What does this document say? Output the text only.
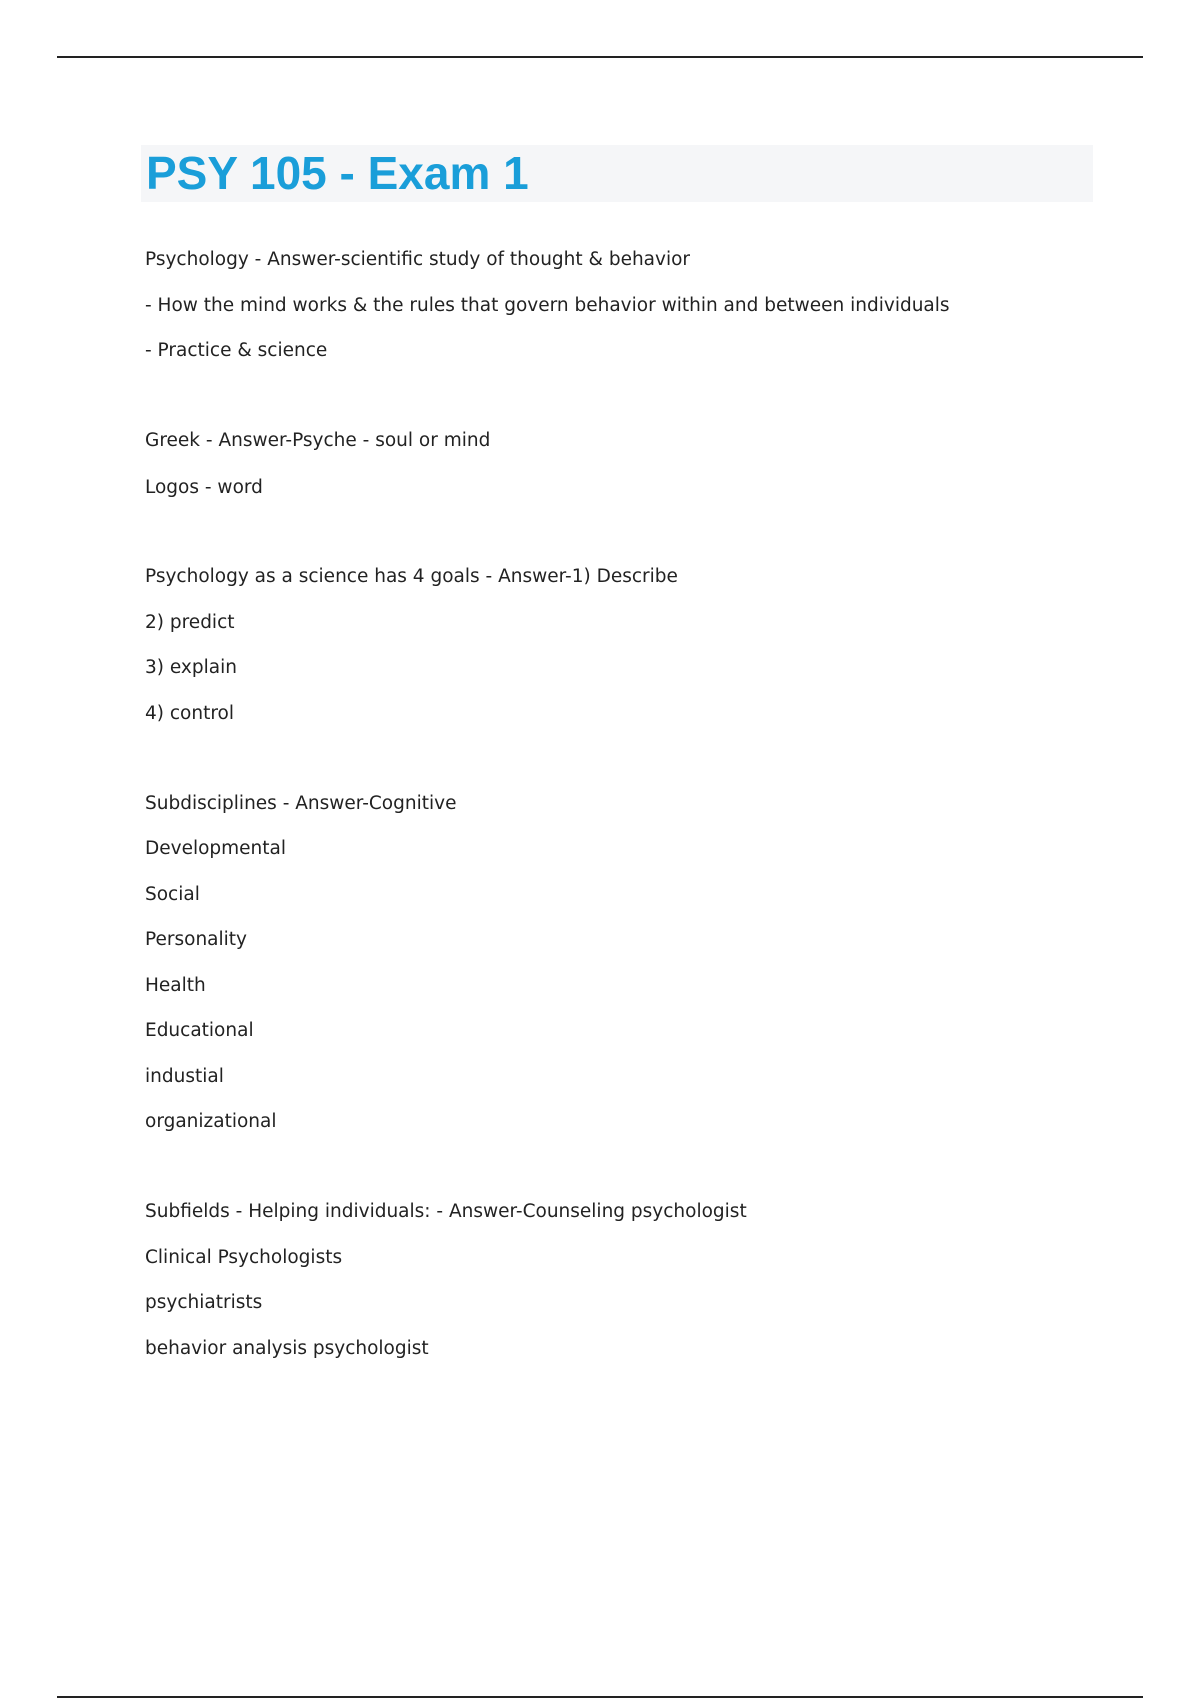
PSY 105 - Exam 1
Psychology - Answer-scientific study of thought & behavior
- How the mind works & the rules that govern behavior within and between individuals
- Practice & science
Greek - Answer-Psyche - soul or mind
Logos - word
Psychology as a science has 4 goals - Answer-1) Describe
2) predict
3) explain
4) control
Subdisciplines - Answer-Cognitive
Developmental
Social
Personality
Health
Educational
industial
organizational
Subfields - Helping individuals: - Answer-Counseling psychologist
Clinical Psychologists
psychiatrists
behavior analysis psychologist
